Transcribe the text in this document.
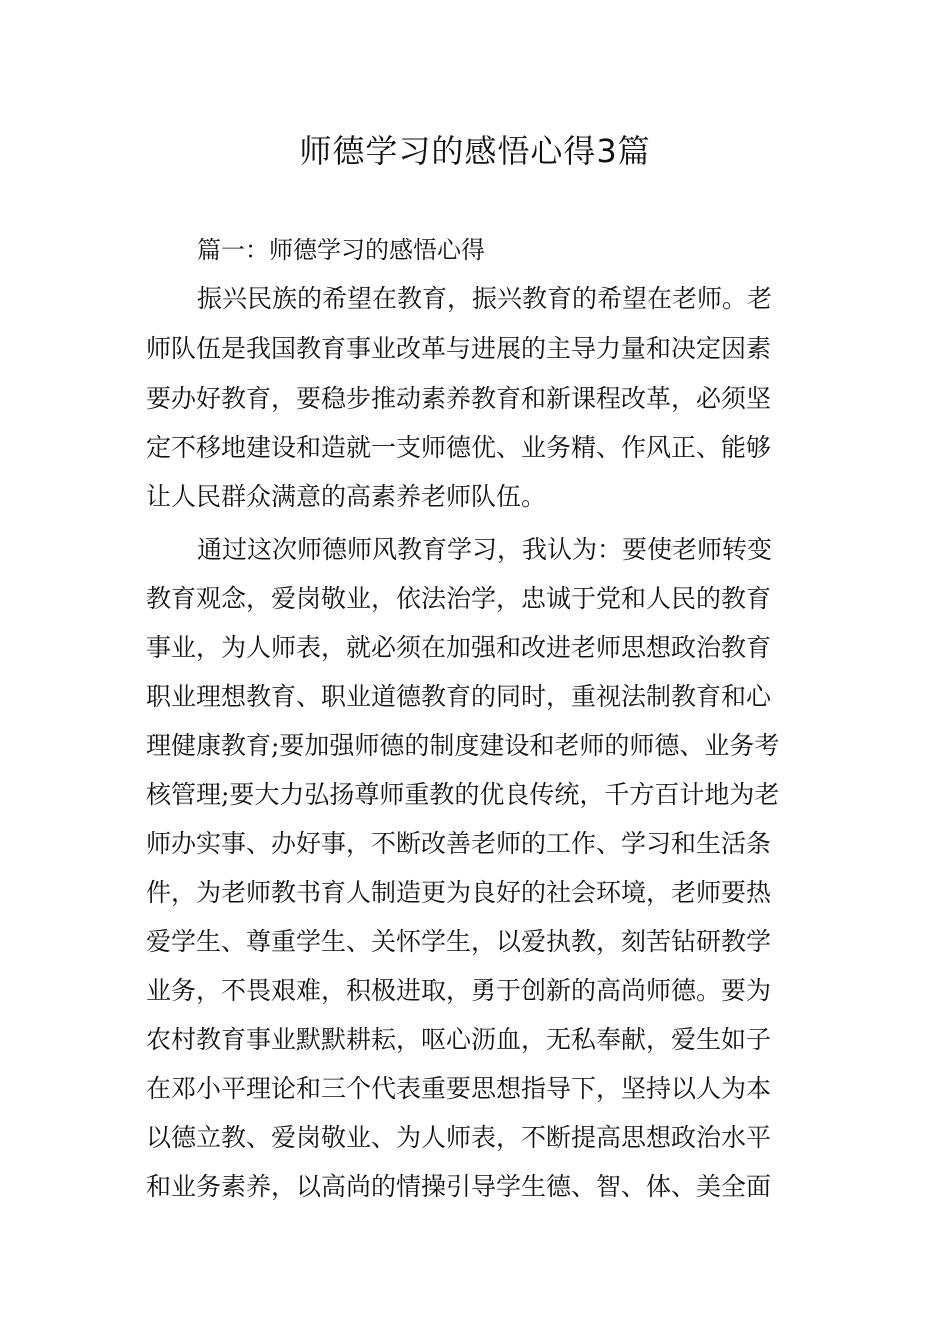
师德学习的感悟心得3篇

篇一：师德学习的感悟心得

振兴民族的希望在教育，振兴教育的希望在老师。老

师队伍是我国教育事业改革与进展的主导力量和决定因素

要办好教育，要稳步推动素养教育和新课程改革，必须坚

定不移地建设和造就一支师德优、业务精、作风正、能够

让人民群众满意的高素养老师队伍。

通过这次师德师风教育学习，我认为：要使老师转变

教育观念，爱岗敬业，依法治学，忠诚于党和人民的教育

事业，为人师表，就必须在加强和改进老师思想政治教育

职业理想教育、职业道德教育的同时，重视法制教育和心

理健康教育;要加强师德的制度建设和老师的师德、业务考

核管理;要大力弘扬尊师重教的优良传统，千方百计地为老

师办实事、办好事，不断改善老师的工作、学习和生活条

件，为老师教书育人制造更为良好的社会环境，老师要热

爱学生、尊重学生、关怀学生，以爱执教，刻苦钻研教学

业务，不畏艰难，积极进取，勇于创新的高尚师德。要为

农村教育事业默默耕耘，呕心沥血，无私奉献，爱生如子

在邓小平理论和三个代表重要思想指导下，坚持以人为本

以德立教、爱岗敬业、为人师表，不断提高思想政治水平

和业务素养，以高尚的情操引导学生德、智、体、美全面
